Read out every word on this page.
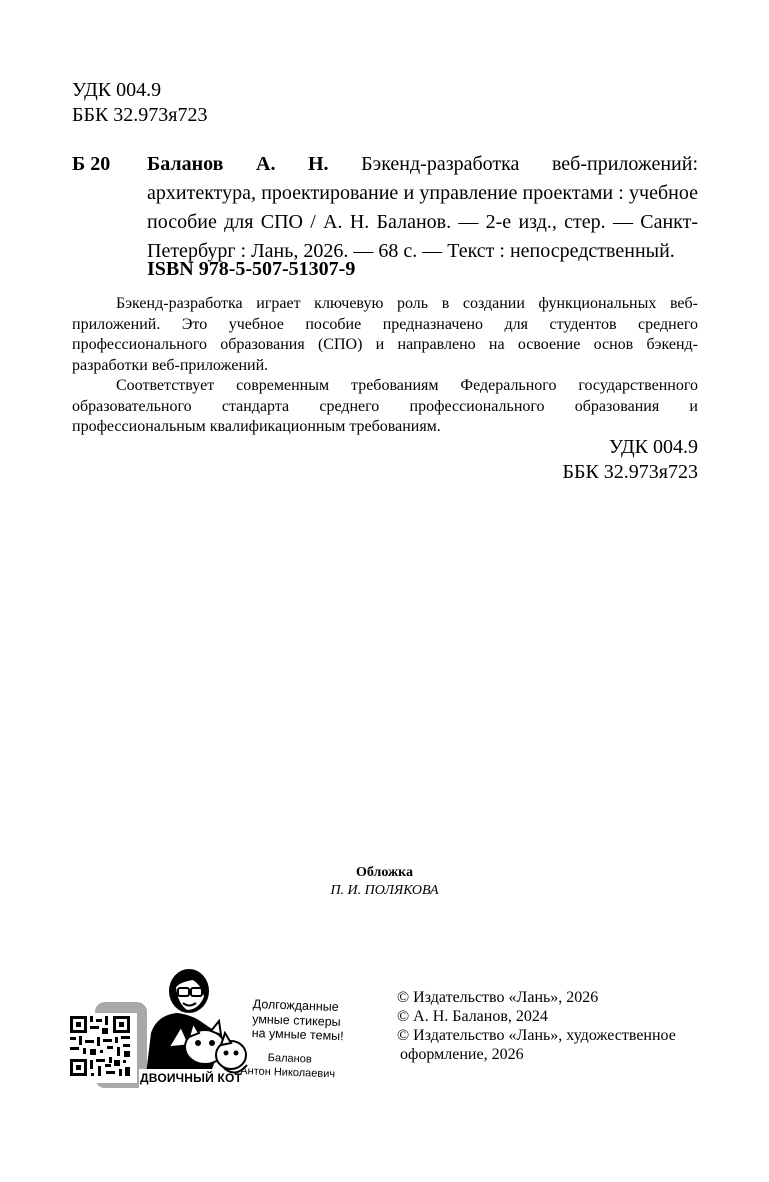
УДК 004.9
ББК 32.973я723
Б 20 Баланов А. Н. Бэкенд-разработка веб-приложений: архитектура, проектирование и управление проектами : учебное пособие для СПО / А. Н. Баланов. — 2-е изд., стер. — Санкт-Петербург : Лань, 2026. — 68 с. — Текст : непосредственный.
ISBN 978-5-507-51307-9

Бэкенд-разработка играет ключевую роль в создании функциональных веб-приложений. Это учебное пособие предназначено для студентов среднего профессионального образования (СПО) и направлено на освоение основ бэкенд-разработки веб-приложений.

Соответствует современным требованиям Федерального государственного образовательного стандарта среднего профессионального образования и профессиональным квалификационным требованиям.

УДК 004.9
ББК 32.973я723
Обложка
П. И. ПОЛЯКОВА
ДВОИЧНЫЙ КОТ
Долгожданные
умные стикеры
на умные темы!
Баланов
Антон Николаевич
© Издательство «Лань», 2026
© А. Н. Баланов, 2024
© Издательство «Лань», художественное
оформление, 2026
